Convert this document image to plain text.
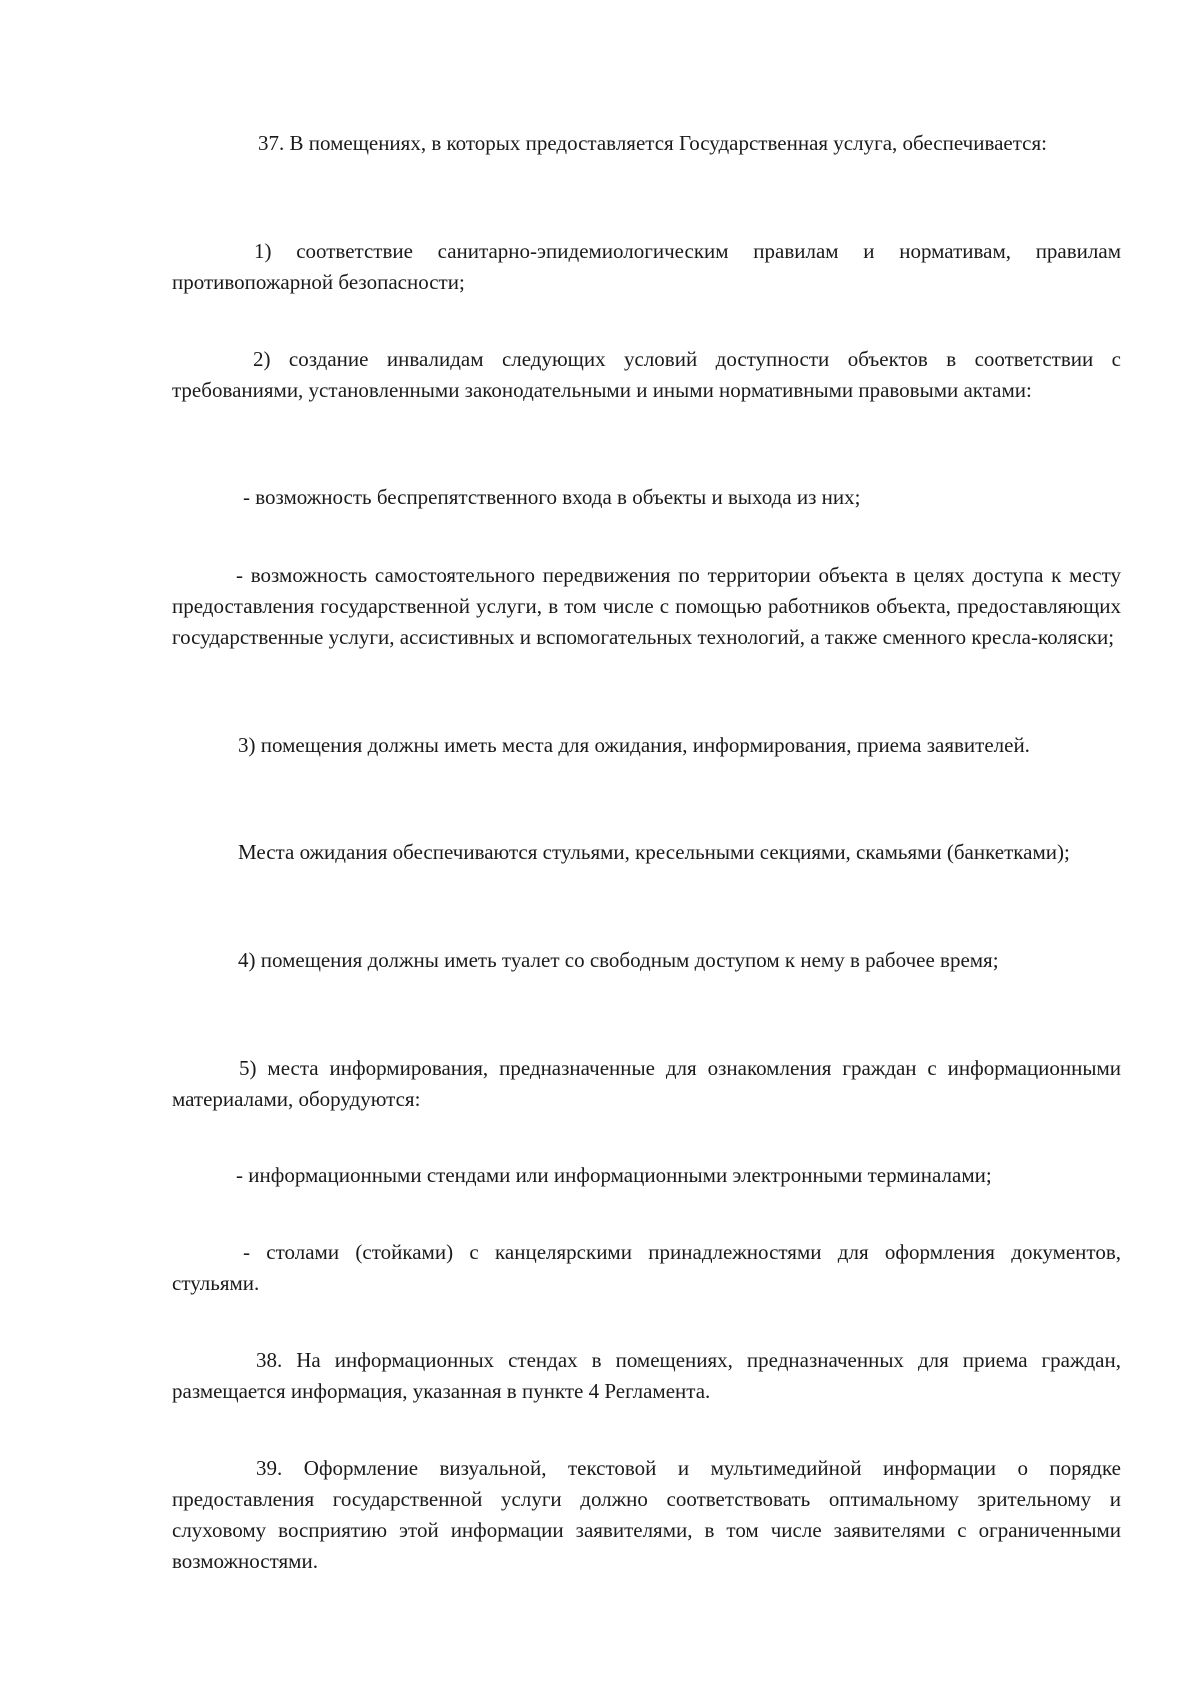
37. В помещениях, в которых предоставляется Государственная услуга, обеспечивается:

1) соответствие санитарно-эпидемиологическим правилам и нормативам, правилам противопожарной безопасности;

2) создание инвалидам следующих условий доступности объектов в соответствии с требованиями, установленными законодательными и иными нормативными правовыми актами:

- возможность беспрепятственного входа в объекты и выхода из них;

- возможность самостоятельного передвижения по территории объекта в целях доступа к месту предоставления государственной услуги, в том числе с помощью работников объекта, предоставляющих государственные услуги, ассистивных и вспомогательных технологий, а также сменного кресла-коляски;

3) помещения должны иметь места для ожидания, информирования, приема заявителей.

Места ожидания обеспечиваются стульями, кресельными секциями, скамьями (банкетками);

4) помещения должны иметь туалет со свободным доступом к нему в рабочее время;

5) места информирования, предназначенные для ознакомления граждан с информационными материалами, оборудуются:

- информационными стендами или информационными электронными терминалами;

- столами (стойками) с канцелярскими принадлежностями для оформления документов, стульями.

38. На информационных стендах в помещениях, предназначенных для приема граждан, размещается информация, указанная в пункте 4 Регламента.

39. Оформление визуальной, текстовой и мультимедийной информации о порядке предоставления государственной услуги должно соответствовать оптимальному зрительному и слуховому восприятию этой информации заявителями, в том числе заявителями с ограниченными возможностями.
